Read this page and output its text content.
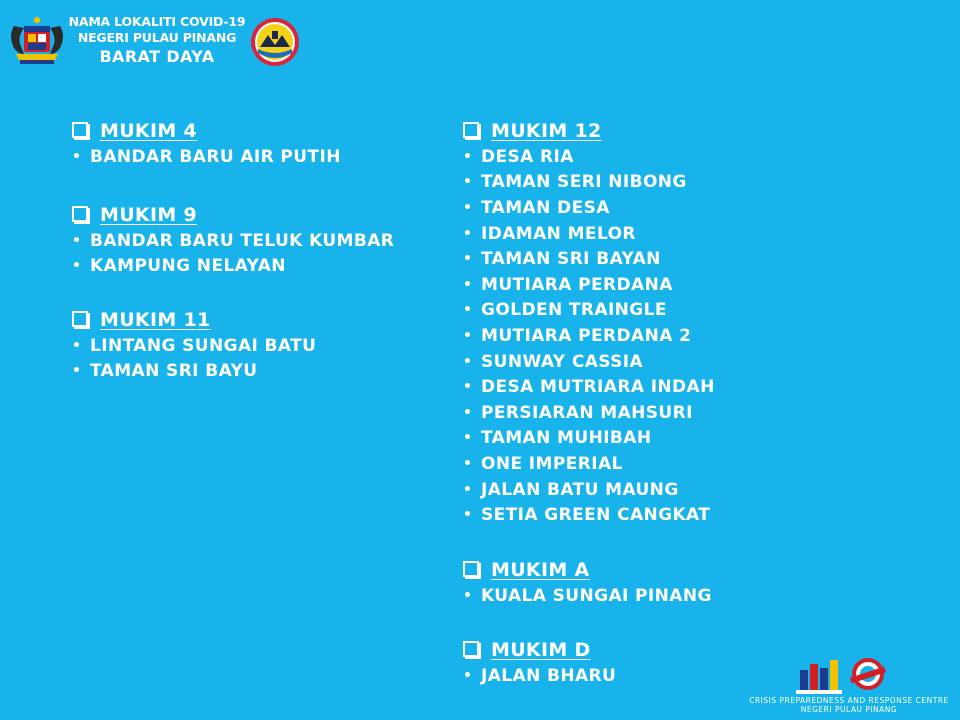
NAMA LOKALITI COVID-19
NEGERI PULAU PINANG
BARAT DAYA
MUKIM 4
• BANDAR BARU AIR PUTIH
MUKIM 9
• BANDAR BARU TELUK KUMBAR
• KAMPUNG NELAYAN
MUKIM 11
• LINTANG SUNGAI BATU
• TAMAN SRI BAYU
MUKIM 12
• DESA RIA
• TAMAN SERI NIBONG
• TAMAN DESA
• IDAMAN MELOR
• TAMAN SRI BAYAN
• MUTIARA PERDANA
• GOLDEN TRAINGLE
• MUTIARA PERDANA 2
• SUNWAY CASSIA
• DESA MUTRIARA INDAH
• PERSIARAN MAHSURI
• TAMAN MUHIBAH
• ONE IMPERIAL
• JALAN BATU MAUNG
• SETIA GREEN CANGKAT
MUKIM A
• KUALA SUNGAI PINANG
MUKIM D
• JALAN BHARU
CRISIS PREPAREDNESS AND RESPONSE CENTRE
NEGERI PULAU PINANG
